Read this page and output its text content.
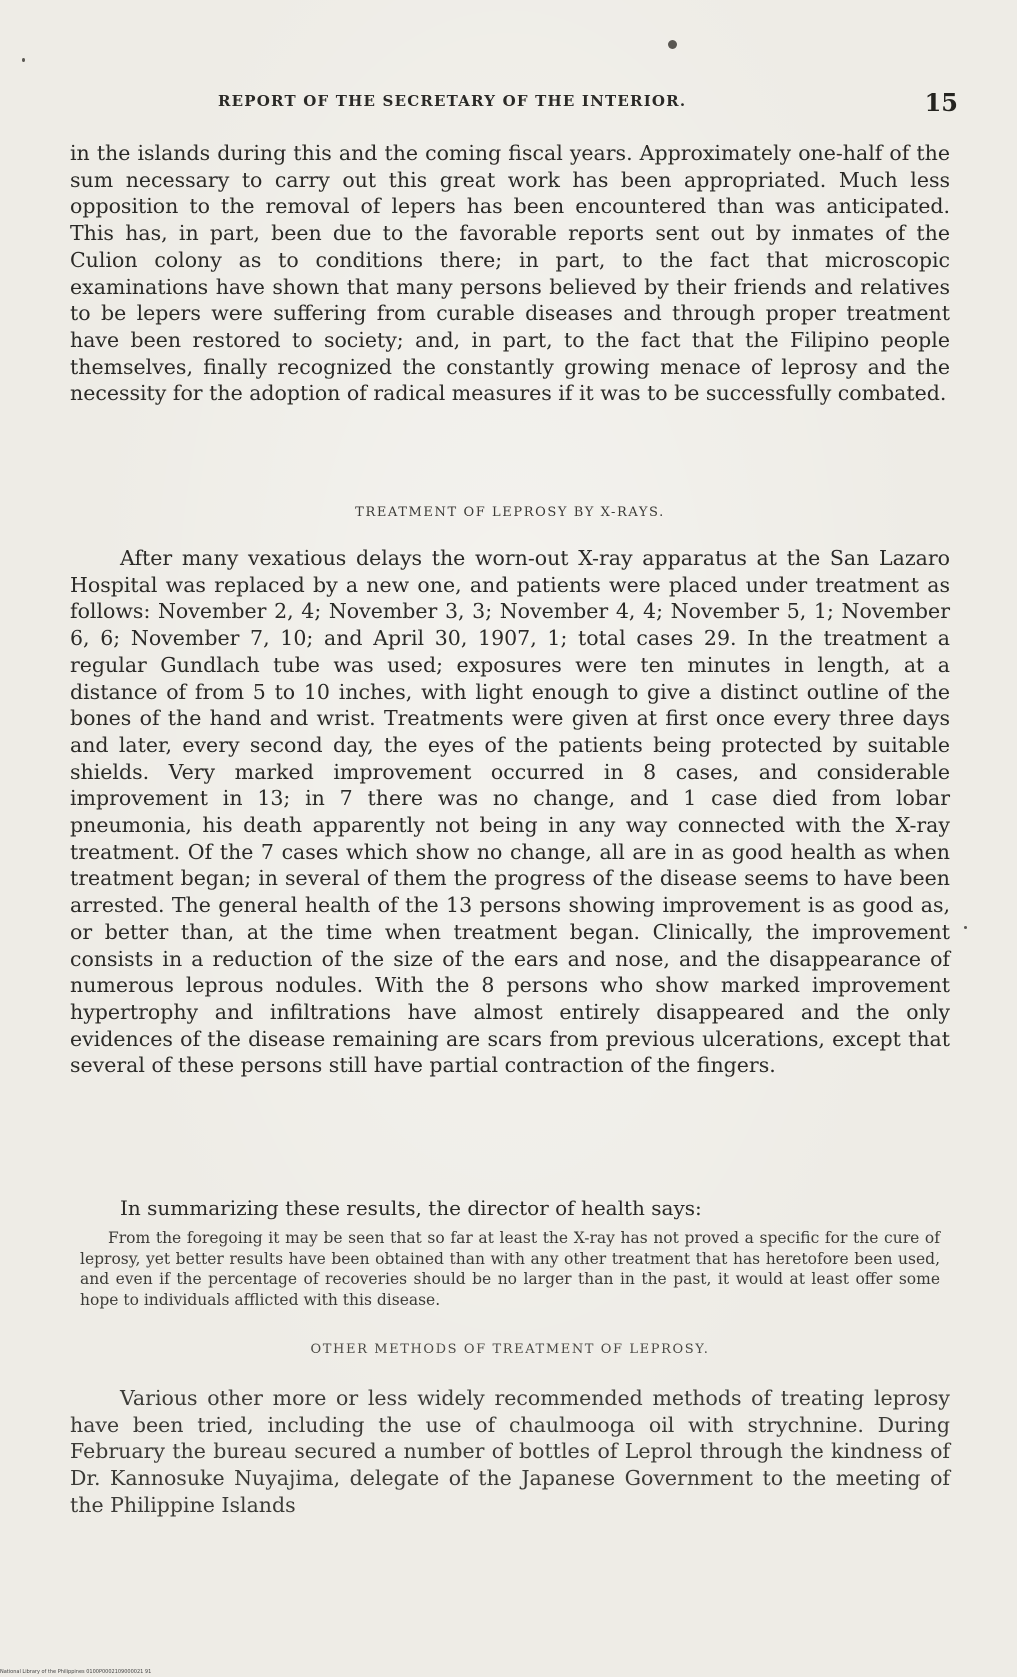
REPORT OF THE SECRETARY OF THE INTERIOR.	15

in the islands during this and the coming fiscal years. Approximately one-half of the sum necessary to carry out this great work has been appropriated. Much less opposition to the removal of lepers has been encountered than was anticipated. This has, in part, been due to the favorable reports sent out by inmates of the Culion colony as to conditions there; in part, to the fact that microscopic examinations have shown that many persons believed by their friends and relatives to be lepers were suffering from curable diseases and through proper treatment have been restored to society; and, in part, to the fact that the Filipino people themselves, finally recognized the constantly growing menace of leprosy and the necessity for the adoption of radical measures if it was to be successfully combated.

TREATMENT OF LEPROSY BY X-RAYS.

After many vexatious delays the worn-out X-ray apparatus at the San Lazaro Hospital was replaced by a new one, and patients were placed under treatment as follows: November 2, 4; November 3, 3; November 4, 4; November 5, 1; November 6, 6; November 7, 10; and April 30, 1907, 1; total cases 29. In the treatment a regular Gundlach tube was used; exposures were ten minutes in length, at a distance of from 5 to 10 inches, with light enough to give a distinct outline of the bones of the hand and wrist. Treatments were given at first once every three days and later, every second day, the eyes of the patients being protected by suitable shields. Very marked improvement occurred in 8 cases, and considerable improvement in 13; in 7 there was no change, and 1 case died from lobar pneumonia, his death apparently not being in any way connected with the X-ray treatment. Of the 7 cases which show no change, all are in as good health as when treatment began; in several of them the progress of the disease seems to have been arrested. The general health of the 13 persons showing improvement is as good as, or better than, at the time when treatment began. Clinically, the improvement consists in a reduction of the size of the ears and nose, and the disappearance of numerous leprous nodules. With the 8 persons who show marked improvement hypertrophy and infiltrations have almost entirely disappeared and the only evidences of the disease remaining are scars from previous ulcerations, except that several of these persons still have partial contraction of the fingers.

In summarizing these results, the director of health says:

From the foregoing it may be seen that so far at least the X-ray has not proved a specific for the cure of leprosy, yet better results have been obtained than with any other treatment that has heretofore been used, and even if the percentage of recoveries should be no larger than in the past, it would at least offer some hope to individuals afflicted with this disease.

OTHER METHODS OF TREATMENT OF LEPROSY.

Various other more or less widely recommended methods of treating leprosy have been tried, including the use of chaulmooga oil with strychnine. During February the bureau secured a number of bottles of Leprol through the kindness of Dr. Kannosuke Nuyajima, delegate of the Japanese Government to the meeting of the Philippine Islands

National Library of the Philippines 0100P0002109000021 91
